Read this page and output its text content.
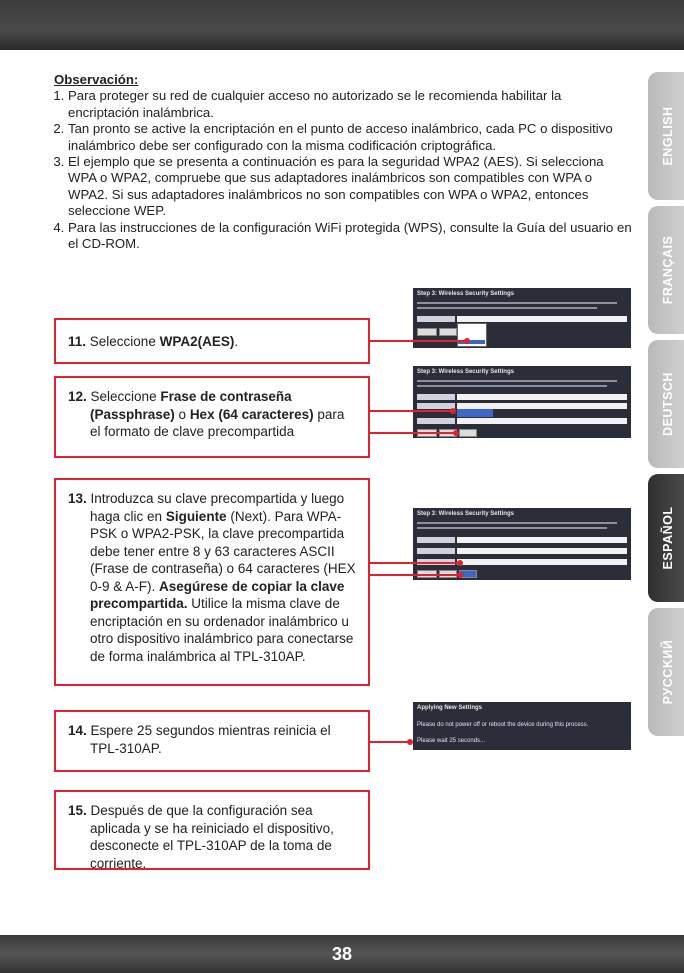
Observación:
1. Para proteger su red de cualquier acceso no autorizado se le recomienda habilitar la encriptación inalámbrica.
2. Tan pronto se active la encriptación en el punto de acceso inalámbrico, cada PC o dispositivo inalámbrico debe ser configurado con la misma codificación criptográfica.
3. El ejemplo que se presenta a continuación es para la seguridad WPA2 (AES). Si selecciona WPA o WPA2, compruebe que sus adaptadores inalámbricos son compatibles con WPA o WPA2. Si sus adaptadores inalámbricos no son compatibles con WPA o WPA2, entonces seleccione WEP.
4. Para las instrucciones de la configuración WiFi protegida (WPS), consulte la Guía del usuario en el CD-ROM.
ENGLISH
FRANÇAIS
DEUTSCH
ESPAÑOL
PУCCKИЙ
11. Seleccione WPA2(AES).
12. Seleccione Frase de contraseña (Passphrase) o Hex (64 caracteres) para el formato de clave precompartida
13. Introduzca su clave precompartida y luego haga clic en Siguiente (Next). Para WPA-PSK o WPA2-PSK, la clave precompartida debe tener entre 8 y 63 caracteres ASCII (Frase de contraseña) o 64 caracteres (HEX 0-9 & A-F). Asegúrese de copiar la clave precompartida. Utilice la misma clave de encriptación en su ordenador inalámbrico u otro dispositivo inalámbrico para conectarse de forma inalámbrica al TPL-310AP.
14. Espere 25 segundos mientras reinicia el TPL-310AP.
15. Después de que la configuración sea aplicada y se ha reiniciado el dispositivo, desconecte el TPL-310AP de la toma de corriente.
Step 3: Wireless Security Settings
Step 3: Wireless Security Settings
Step 3: Wireless Security Settings
Applying New Settings
Please do not power off or reboot the device during this process.
Please wait 25 seconds...
38
